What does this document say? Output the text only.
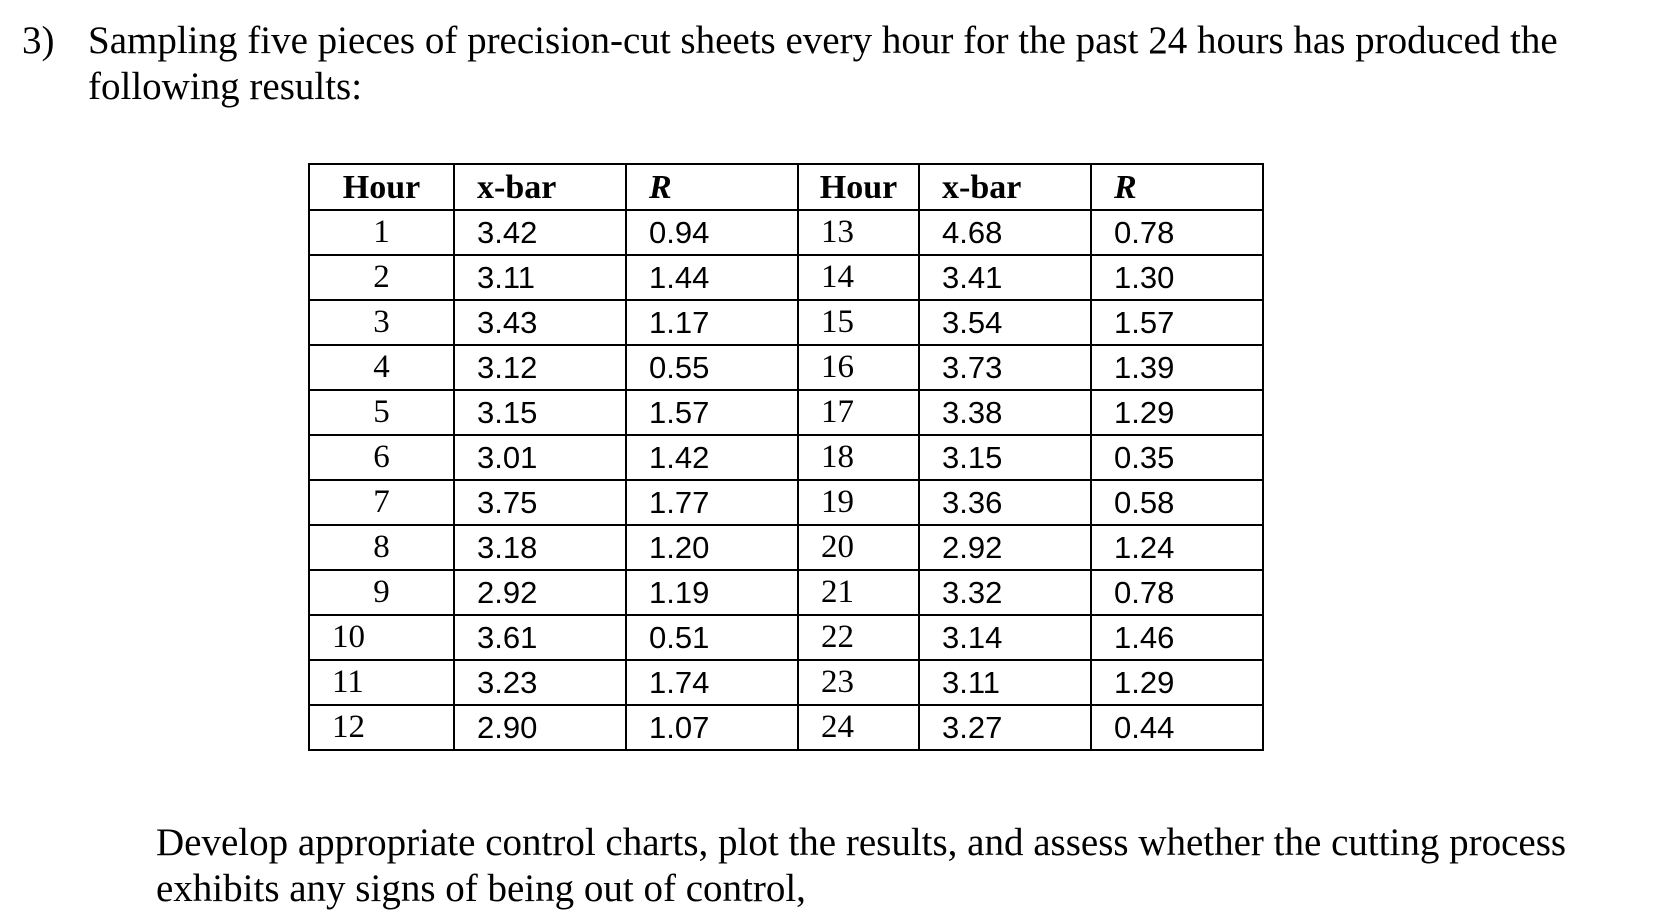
3) Sampling five pieces of precision-cut sheets every hour for the past 24 hours has produced the following results:
Hour	x-bar	R	Hour	x-bar	R
1	3.42	0.94	13	4.68	0.78
2	3.11	1.44	14	3.41	1.30
3	3.43	1.17	15	3.54	1.57
4	3.12	0.55	16	3.73	1.39
5	3.15	1.57	17	3.38	1.29
6	3.01	1.42	18	3.15	0.35
7	3.75	1.77	19	3.36	0.58
8	3.18	1.20	20	2.92	1.24
9	2.92	1.19	21	3.32	0.78
10	3.61	0.51	22	3.14	1.46
11	3.23	1.74	23	3.11	1.29
12	2.90	1.07	24	3.27	0.44
Develop appropriate control charts, plot the results, and assess whether the cutting process exhibits any signs of being out of control,
